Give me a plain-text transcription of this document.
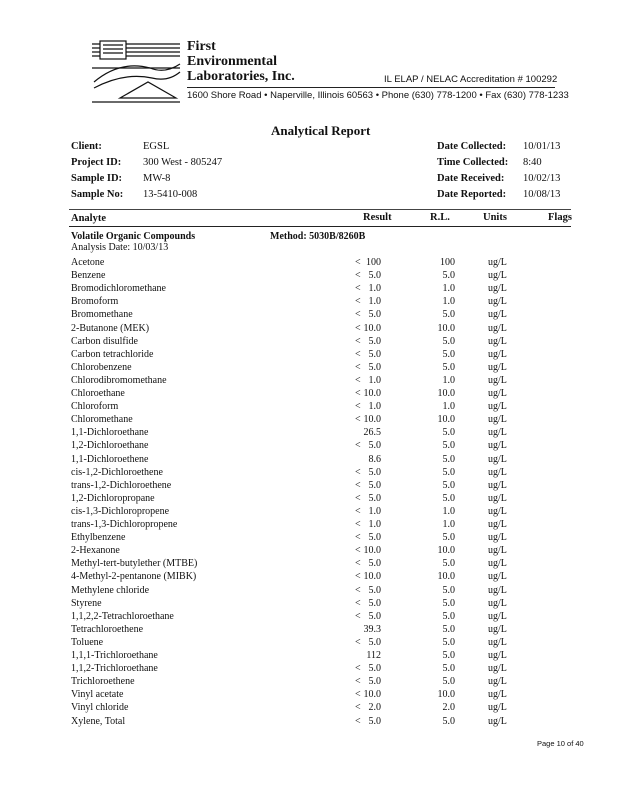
First
Environmental
Laboratories, Inc.	IL ELAP / NELAC Accreditation # 100292
1600 Shore Road • Naperville, Illinois 60563 • Phone (630) 778-1200 • Fax (630) 778-1233
Analytical Report
Client:	EGSL
Project ID: 300 West - 805247
Sample ID: MW-8
Sample No: 13-5410-008
Date Collected: 10/01/13
Time Collected: 8:40
Date Received: 10/02/13
Date Reported: 10/08/13
Analyte	Result	R.L.	Units	Flags
Volatile Organic Compounds	Method: 5030B/8260B
Analysis Date: 10/03/13
Acetone	< 100	100	ug/L
Benzene	< 5.0	5.0	ug/L
Bromodichloromethane	< 1.0	1.0	ug/L
Bromoform	< 1.0	1.0	ug/L
Bromomethane	< 5.0	5.0	ug/L
2-Butanone (MEK)	< 10.0	10.0	ug/L
Carbon disulfide	< 5.0	5.0	ug/L
Carbon tetrachloride	< 5.0	5.0	ug/L
Chlorobenzene	< 5.0	5.0	ug/L
Chlorodibromomethane	< 1.0	1.0	ug/L
Chloroethane	< 10.0	10.0	ug/L
Chloroform	< 1.0	1.0	ug/L
Chloromethane	< 10.0	10.0	ug/L
1,1-Dichloroethane	26.5	5.0	ug/L
1,2-Dichloroethane	< 5.0	5.0	ug/L
1,1-Dichloroethene	8.6	5.0	ug/L
cis-1,2-Dichloroethene	< 5.0	5.0	ug/L
trans-1,2-Dichloroethene	< 5.0	5.0	ug/L
1,2-Dichloropropane	< 5.0	5.0	ug/L
cis-1,3-Dichloropropene	< 1.0	1.0	ug/L
trans-1,3-Dichloropropene	< 1.0	1.0	ug/L
Ethylbenzene	< 5.0	5.0	ug/L
2-Hexanone	< 10.0	10.0	ug/L
Methyl-tert-butylether (MTBE)	< 5.0	5.0	ug/L
4-Methyl-2-pentanone (MIBK)	< 10.0	10.0	ug/L
Methylene chloride	< 5.0	5.0	ug/L
Styrene	< 5.0	5.0	ug/L
1,1,2,2-Tetrachloroethane	< 5.0	5.0	ug/L
Tetrachloroethene	39.3	5.0	ug/L
Toluene	< 5.0	5.0	ug/L
1,1,1-Trichloroethane	112	5.0	ug/L
1,1,2-Trichloroethane	< 5.0	5.0	ug/L
Trichloroethene	< 5.0	5.0	ug/L
Vinyl acetate	< 10.0	10.0	ug/L
Vinyl chloride	< 2.0	2.0	ug/L
Xylene, Total	< 5.0	5.0	ug/L
Page 10 of 40
